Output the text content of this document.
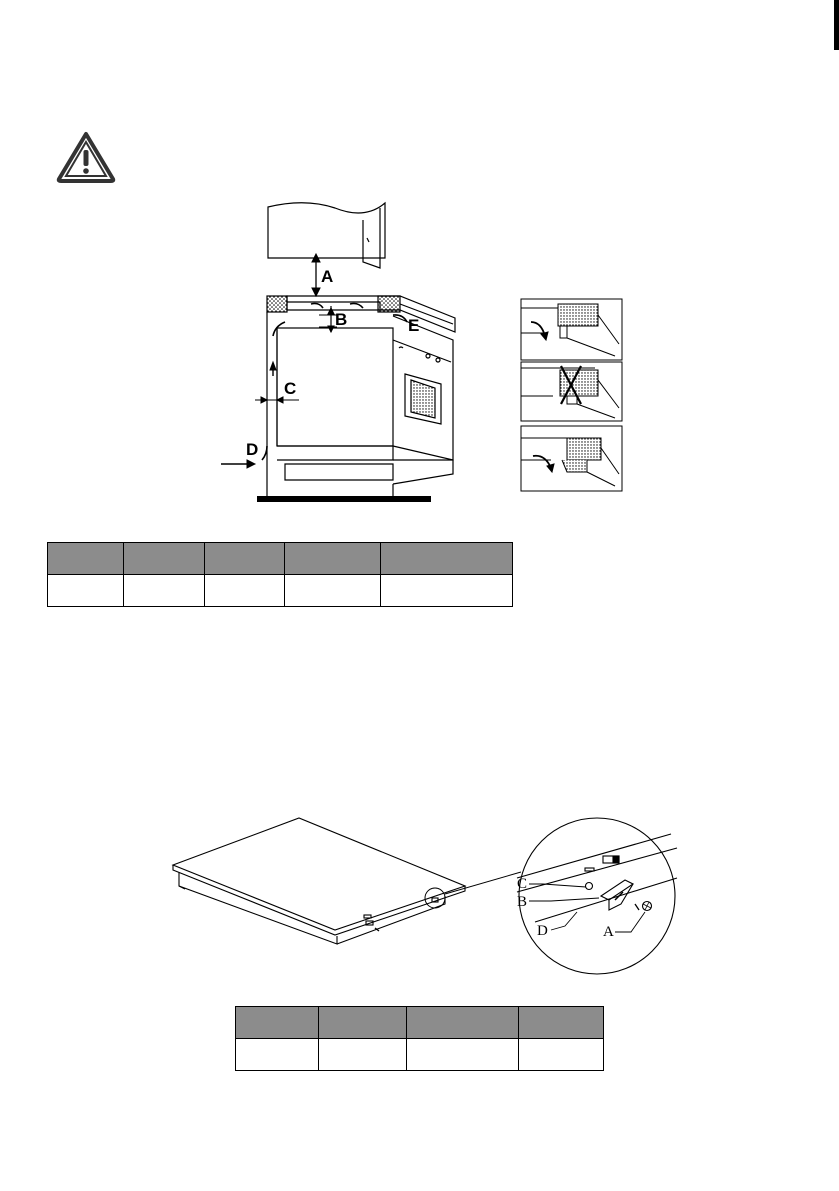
A
B	E
C
D

C
B
D	A
